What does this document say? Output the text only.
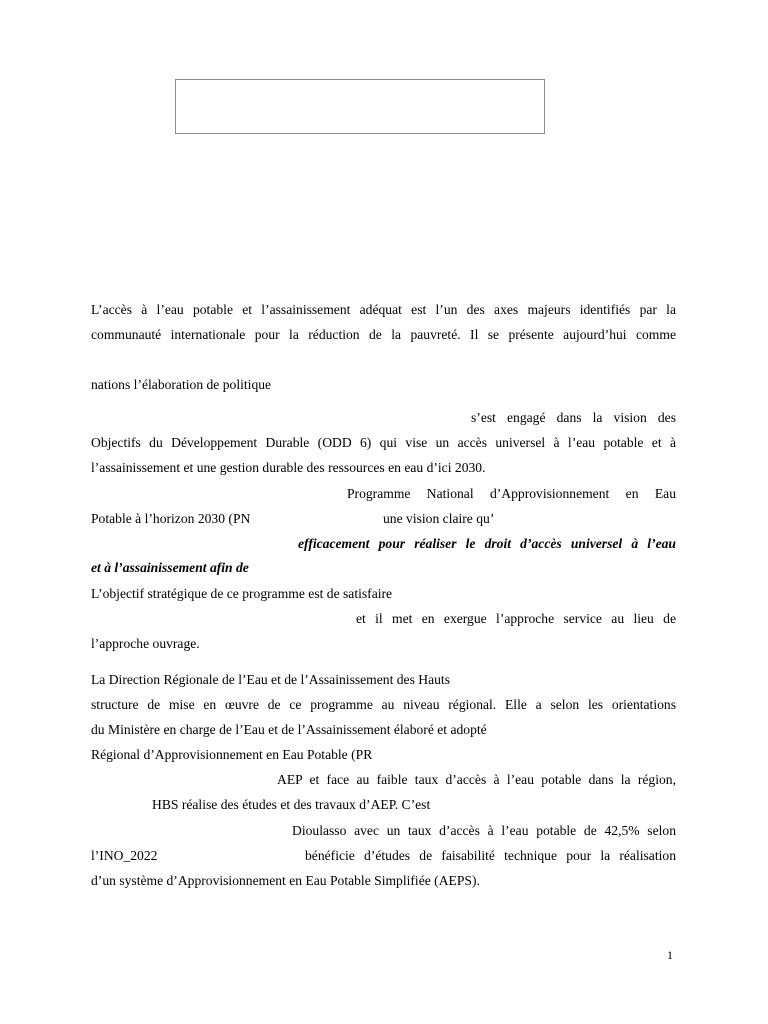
L’accès à l’eau potable et l’assainissement adéquat est l’un des axes majeurs identifiés par la
communauté internationale pour la réduction de la pauvreté. Il se présente aujourd’hui comme
nations l’élaboration de politique
s’est engagé dans la vision des
Objectifs du Développement Durable (ODD 6) qui vise un accès universel à l’eau potable et à
l’assainissement et une gestion durable des ressources en eau d’ici 2030.
Programme National d’Approvisionnement en Eau
Potable à l’horizon 2030 (PN	une vision claire qu’
efficacement pour réaliser le droit d’accès universel à l’eau
et à l’assainissement afin de
L’objectif stratégique de ce programme est de satisfaire
et il met en exergue l’approche service au lieu de
l’approche ouvrage.
La Direction Régionale de l’Eau et de l’Assainissement des Hauts
structure de mise en œuvre de ce programme au niveau régional. Elle a selon les orientations
du Ministère en charge de l’Eau et de l’Assainissement élaboré et adopté
Régional d’Approvisionnement en Eau Potable (PR
AEP et face au faible taux d’accès à l’eau potable dans la région,
HBS réalise des études et des travaux d’AEP. C’est
Dioulasso avec un taux d’accès à l’eau potable de 42,5% selon
l’INO_2022	bénéficie d’études de faisabilité technique pour la réalisation
d’un système d’Approvisionnement en Eau Potable Simplifiée (AEPS).
1
